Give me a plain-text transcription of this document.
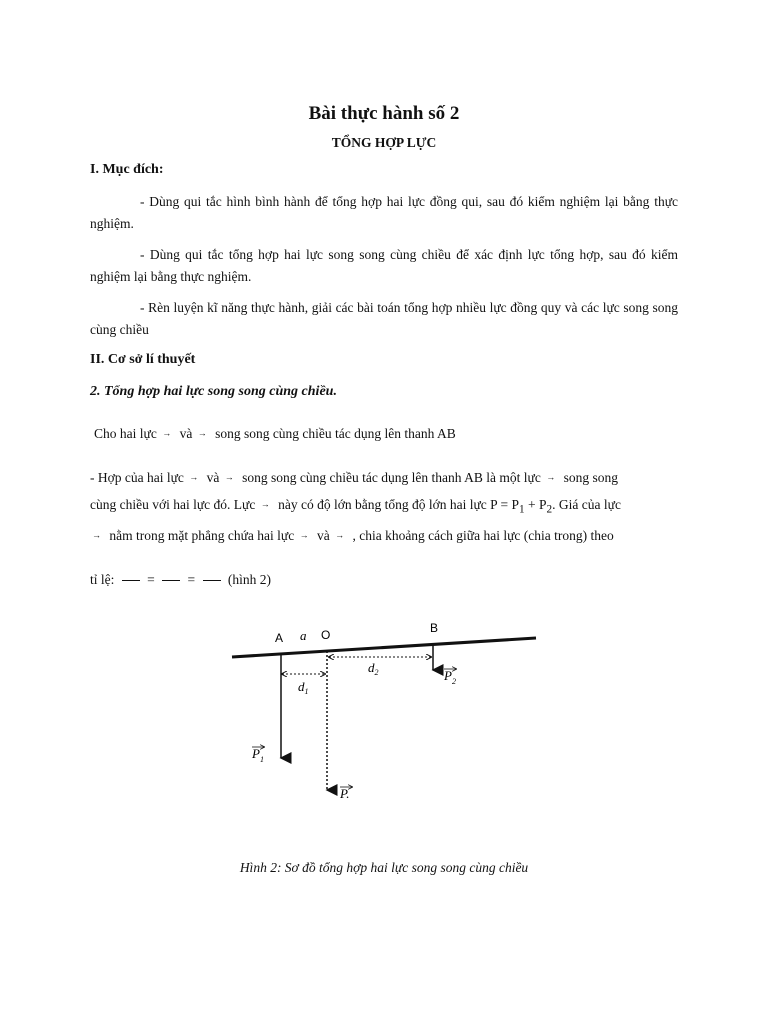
Bài thực hành số 2
TỔNG HỢP LỰC
I. Mục đích:
- Dùng qui tắc hình bình hành để tổng hợp hai lực đồng qui, sau đó kiểm nghiệm lại bằng thực nghiệm.
- Dùng qui tắc tổng hợp hai lực song song cùng chiều để xác định lực tổng hợp, sau đó kiểm nghiệm lại bằng thực nghiệm.
- Rèn luyện kĩ năng thực hành, giải các bài toán tổng hợp nhiều lực đồng quy và các lực song song cùng chiều
II. Cơ sở lí thuyết
2. Tổng hợp hai lực song song cùng chiều.
Cho hai lực và song song cùng chiều tác dụng lên thanh AB
- Hợp của hai lực và song song cùng chiều tác dụng lên thanh AB là một lực song song
cùng chiều với hai lực đó. Lực này có độ lớn bằng tổng độ lớn hai lực $P = P_1 + P_2$. Giá của lực
nằm trong mặt phẳng chứa hai lực và , chia khoảng cách giữa hai lực (chia trong) theo
tỉ lệ: = = (hình 2)
A a O	B
$d_1$
$d_2$	$P_2$
$P_1$
P.
Hình 2: Sơ đồ tổng hợp hai lực song song cùng chiều
